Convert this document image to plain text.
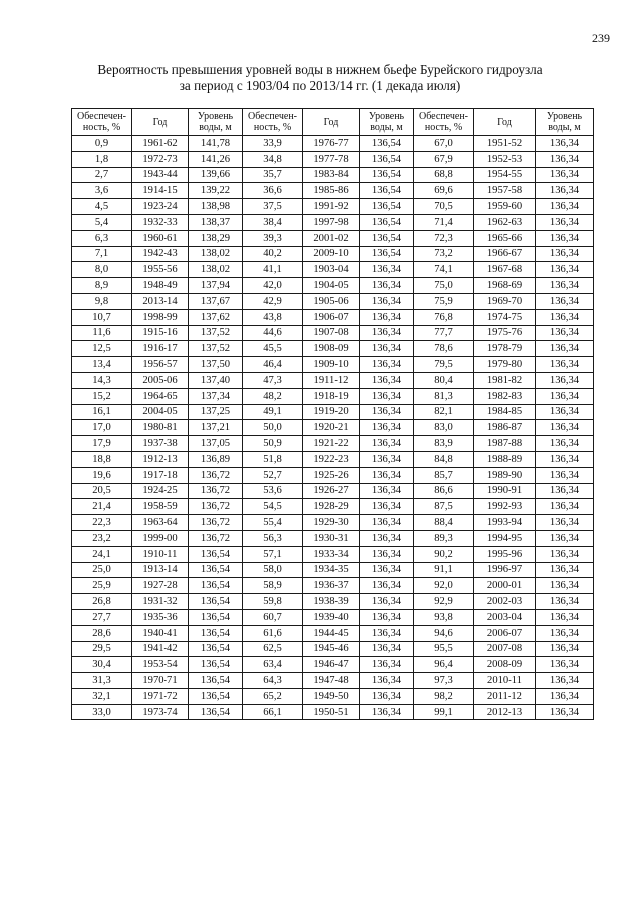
239
Вероятность превышения уровней воды в нижнем бьефе Бурейского гидроузла
за период с 1903/04 по 2013/14 гг. (1 декада июля)
Обеспечен-ность, %	Год	Уровень воды, м	Обеспечен-ность, %	Год	Уровень воды, м	Обеспечен-ность, %	Год	Уровень воды, м
0,9	1961-62	141,78	33,9	1976-77	136,54	67,0	1951-52	136,34
1,8	1972-73	141,26	34,8	1977-78	136,54	67,9	1952-53	136,34
2,7	1943-44	139,66	35,7	1983-84	136,54	68,8	1954-55	136,34
3,6	1914-15	139,22	36,6	1985-86	136,54	69,6	1957-58	136,34
4,5	1923-24	138,98	37,5	1991-92	136,54	70,5	1959-60	136,34
5,4	1932-33	138,37	38,4	1997-98	136,54	71,4	1962-63	136,34
6,3	1960-61	138,29	39,3	2001-02	136,54	72,3	1965-66	136,34
7,1	1942-43	138,02	40,2	2009-10	136,54	73,2	1966-67	136,34
8,0	1955-56	138,02	41,1	1903-04	136,34	74,1	1967-68	136,34
8,9	1948-49	137,94	42,0	1904-05	136,34	75,0	1968-69	136,34
9,8	2013-14	137,67	42,9	1905-06	136,34	75,9	1969-70	136,34
10,7	1998-99	137,62	43,8	1906-07	136,34	76,8	1974-75	136,34
11,6	1915-16	137,52	44,6	1907-08	136,34	77,7	1975-76	136,34
12,5	1916-17	137,52	45,5	1908-09	136,34	78,6	1978-79	136,34
13,4	1956-57	137,50	46,4	1909-10	136,34	79,5	1979-80	136,34
14,3	2005-06	137,40	47,3	1911-12	136,34	80,4	1981-82	136,34
15,2	1964-65	137,34	48,2	1918-19	136,34	81,3	1982-83	136,34
16,1	2004-05	137,25	49,1	1919-20	136,34	82,1	1984-85	136,34
17,0	1980-81	137,21	50,0	1920-21	136,34	83,0	1986-87	136,34
17,9	1937-38	137,05	50,9	1921-22	136,34	83,9	1987-88	136,34
18,8	1912-13	136,89	51,8	1922-23	136,34	84,8	1988-89	136,34
19,6	1917-18	136,72	52,7	1925-26	136,34	85,7	1989-90	136,34
20,5	1924-25	136,72	53,6	1926-27	136,34	86,6	1990-91	136,34
21,4	1958-59	136,72	54,5	1928-29	136,34	87,5	1992-93	136,34
22,3	1963-64	136,72	55,4	1929-30	136,34	88,4	1993-94	136,34
23,2	1999-00	136,72	56,3	1930-31	136,34	89,3	1994-95	136,34
24,1	1910-11	136,54	57,1	1933-34	136,34	90,2	1995-96	136,34
25,0	1913-14	136,54	58,0	1934-35	136,34	91,1	1996-97	136,34
25,9	1927-28	136,54	58,9	1936-37	136,34	92,0	2000-01	136,34
26,8	1931-32	136,54	59,8	1938-39	136,34	92,9	2002-03	136,34
27,7	1935-36	136,54	60,7	1939-40	136,34	93,8	2003-04	136,34
28,6	1940-41	136,54	61,6	1944-45	136,34	94,6	2006-07	136,34
29,5	1941-42	136,54	62,5	1945-46	136,34	95,5	2007-08	136,34
30,4	1953-54	136,54	63,4	1946-47	136,34	96,4	2008-09	136,34
31,3	1970-71	136,54	64,3	1947-48	136,34	97,3	2010-11	136,34
32,1	1971-72	136,54	65,2	1949-50	136,34	98,2	2011-12	136,34
33,0	1973-74	136,54	66,1	1950-51	136,34	99,1	2012-13	136,34
